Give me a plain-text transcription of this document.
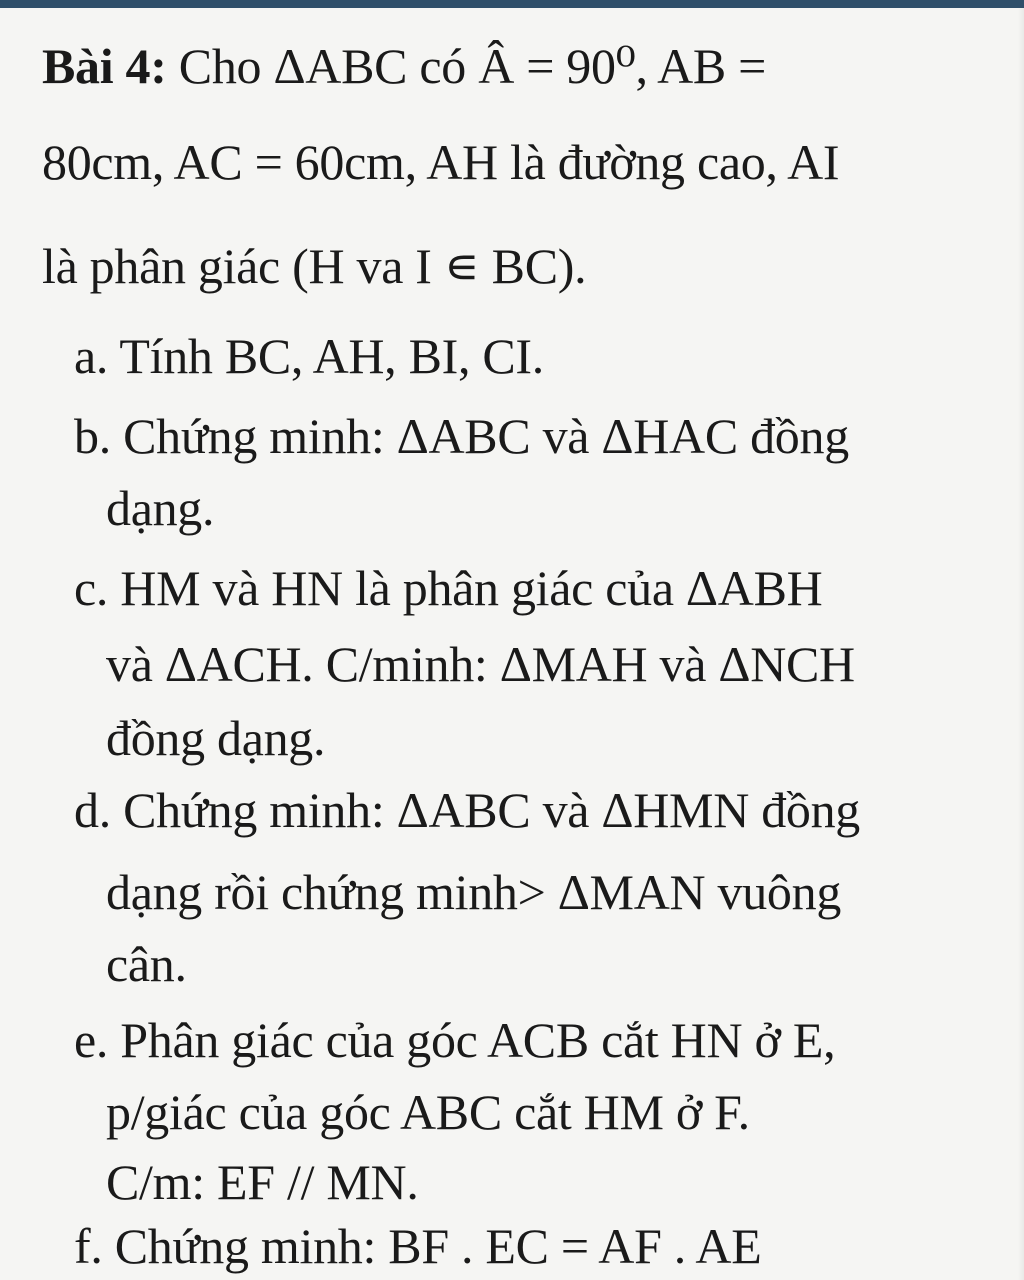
Bài 4: Cho ΔABC có Â = 90⁰, AB =
80cm, AC = 60cm, AH là đường cao, AI
là phân giác (H va I ∊ BC).
a. Tính BC, AH, BI, CI.
b. Chứng minh: ΔABC và ΔHAC đồng
dạng.
c. HM và HN là phân giác của ΔABH
và ΔACH. C/minh: ΔMAH và ΔNCH
đồng dạng.
d. Chứng minh: ΔABC và ΔHMN đồng
dạng rồi chứng minh> ΔMAN vuông
cân.
e. Phân giác của góc ACB cắt HN ở E,
p/giác của góc ABC cắt HM ở F.
C/m: EF // MN.
f. Chứng minh: BF . EC = AF . AE
